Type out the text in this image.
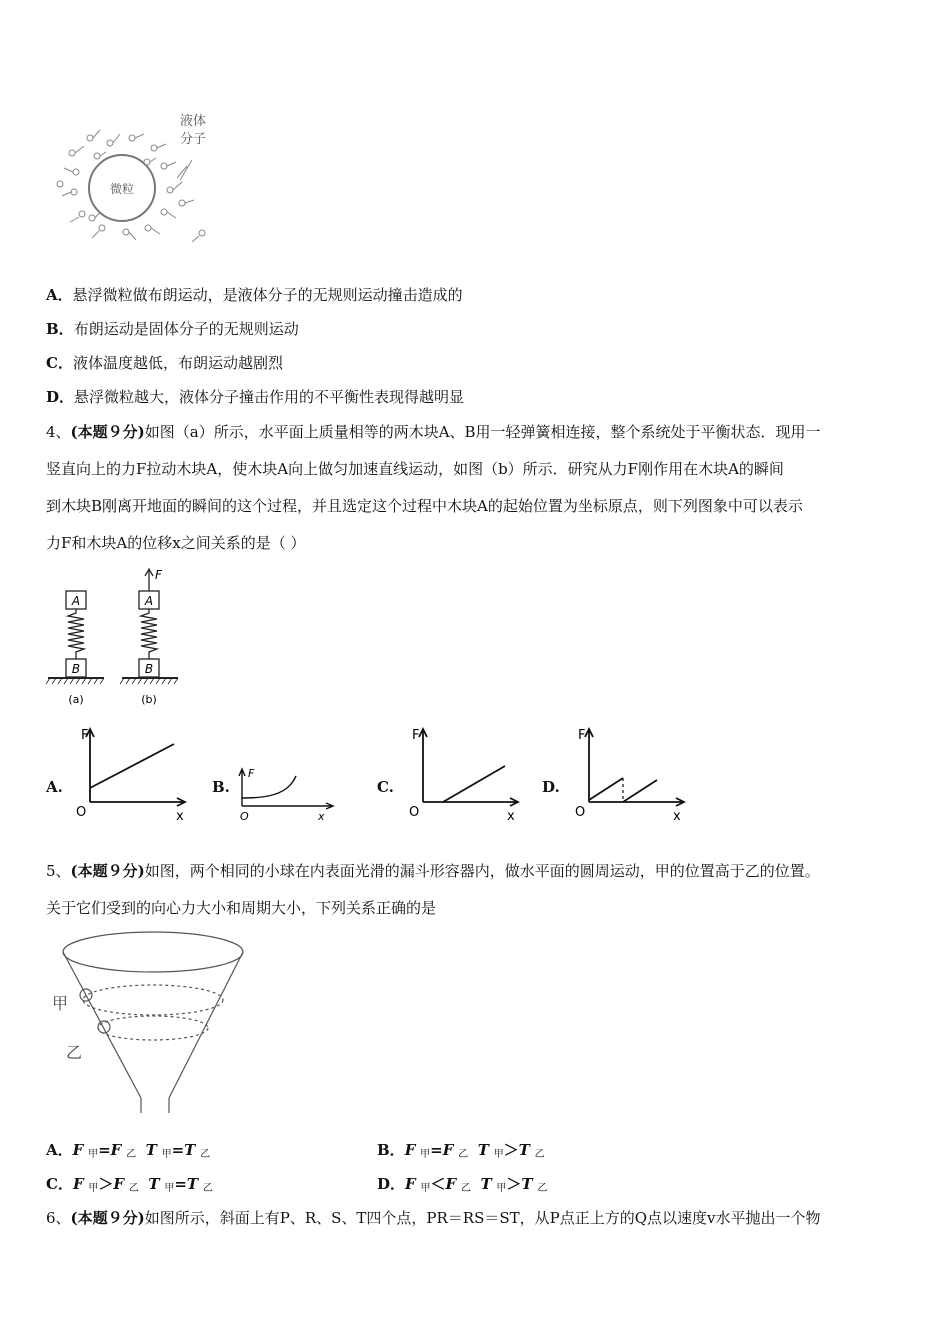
微粒
液体
分子
A．悬浮微粒做布朗运动，是液体分子的无规则运动撞击造成的
B．布朗运动是固体分子的无规则运动
C．液体温度越低，布朗运动越剧烈
D．悬浮微粒越大，液体分子撞击作用的不平衡性表现得越明显
4、(本题９分)如图（a）所示，水平面上质量相等的两木块A、B用一轻弹簧相连接，整个系统处于平衡状态．现用一
竖直向上的力F拉动木块A，使木块A向上做匀加速直线运动，如图（b）所示．研究从力F刚作用在木块A的瞬间
到木块B刚离开地面的瞬间的这个过程，并且选定这个过程中木块A的起始位置为坐标原点，则下列图象中可以表示
力F和木块A的位移x之间关系的是（ ）
A
B
A
B
F
(a)	(b)
A.
F
O	x
B.
F
O	x
C.
F
O	x
D.
F
O	x
5、(本题９分)如图，两个相同的小球在内表面光滑的漏斗形容器内，做水平面的圆周运动，甲的位置高于乙的位置。
关于它们受到的向心力大小和周期大小，下列关系正确的是
甲
乙
A．F $_甲$=F $_乙$ T $_甲$=T $_乙$	B．F $_甲$=F $_乙$ T $_甲$＞T $_乙$
C．F $_甲$＞F $_乙$ T $_甲$=T $_乙$	D．F $_甲$＜F $_乙$ T $_甲$＞T $_乙$
6、(本题９分)如图所示，斜面上有P、R、S、T四个点，PR＝RS＝ST，从P点正上方的Q点以速度v水平抛出一个物
